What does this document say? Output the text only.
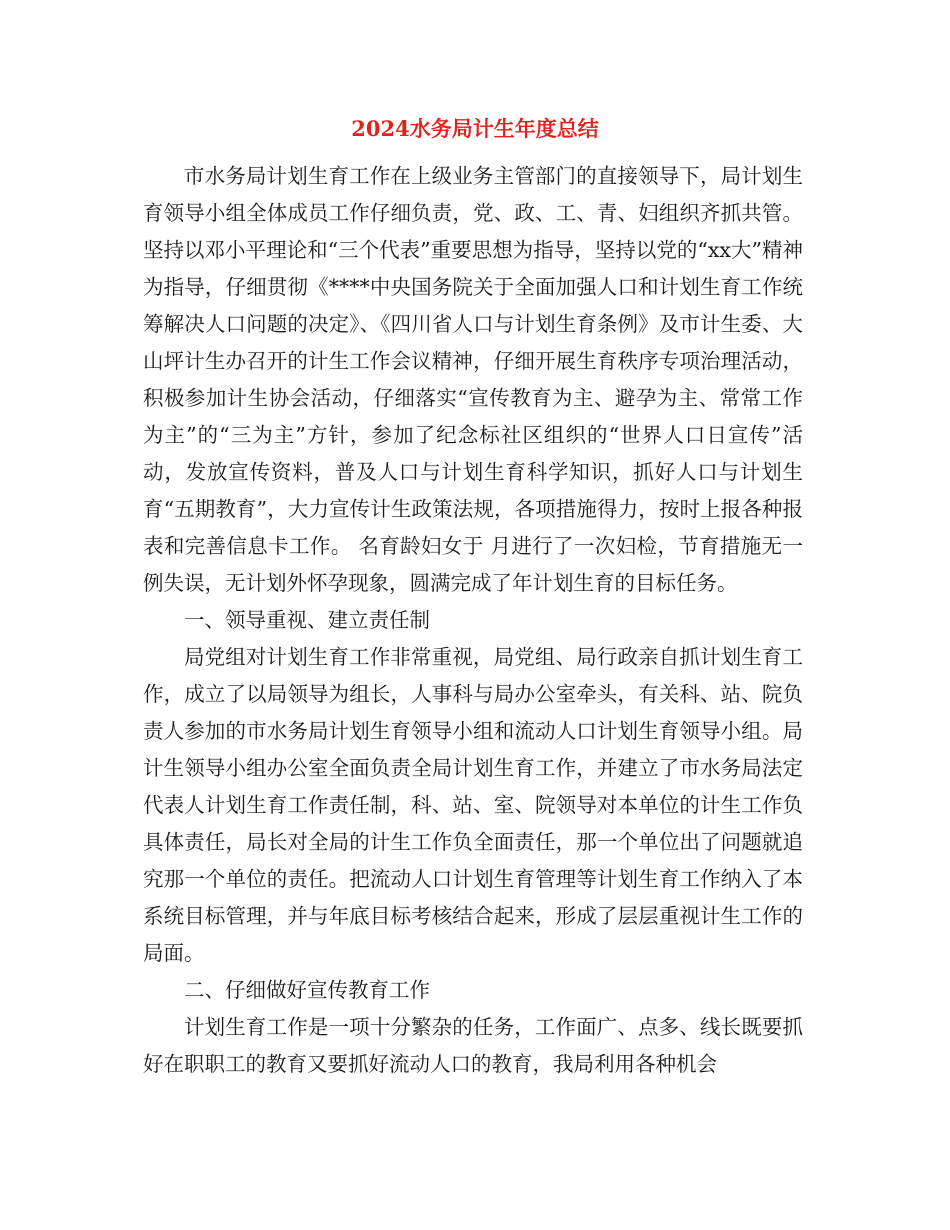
2024水务局计生年度总结

市水务局计划生育工作在上级业务主管部门的直接领导下，局计划生育领导小组全体成员工作仔细负责，党、政、工、青、妇组织齐抓共管。坚持以邓小平理论和“三个代表”重要思想为指导，坚持以党的“xx大”精神为指导，仔细贯彻《****中央国务院关于全面加强人口和计划生育工作统筹解决人口问题的决定》、《四川省人口与计划生育条例》及市计生委、大山坪计生办召开的计生工作会议精神，仔细开展生育秩序专项治理活动，积极参加计生协会活动，仔细落实“宣传教育为主、避孕为主、常常工作为主”的“三为主”方针，参加了纪念标社区组织的“世界人口日宣传”活动，发放宣传资料，普及人口与计划生育科学知识，抓好人口与计划生育“五期教育”，大力宣传计生政策法规，各项措施得力，按时上报各种报表和完善信息卡工作。 名育龄妇女于 月进行了一次妇检，节育措施无一例失误，无计划外怀孕现象，圆满完成了年计划生育的目标任务。

一、领导重视、建立责任制

局党组对计划生育工作非常重视，局党组、局行政亲自抓计划生育工作，成立了以局领导为组长，人事科与局办公室牵头，有关科、站、院负责人参加的市水务局计划生育领导小组和流动人口计划生育领导小组。局计生领导小组办公室全面负责全局计划生育工作，并建立了市水务局法定代表人计划生育工作责任制，科、站、室、院领导对本单位的计生工作负具体责任，局长对全局的计生工作负全面责任，那一个单位出了问题就追究那一个单位的责任。把流动人口计划生育管理等计划生育工作纳入了本系统目标管理，并与年底目标考核结合起来，形成了层层重视计生工作的局面。

二、仔细做好宣传教育工作

计划生育工作是一项十分繁杂的任务，工作面广、点多、线长既要抓好在职职工的教育又要抓好流动人口的教育，我局利用各种机会
